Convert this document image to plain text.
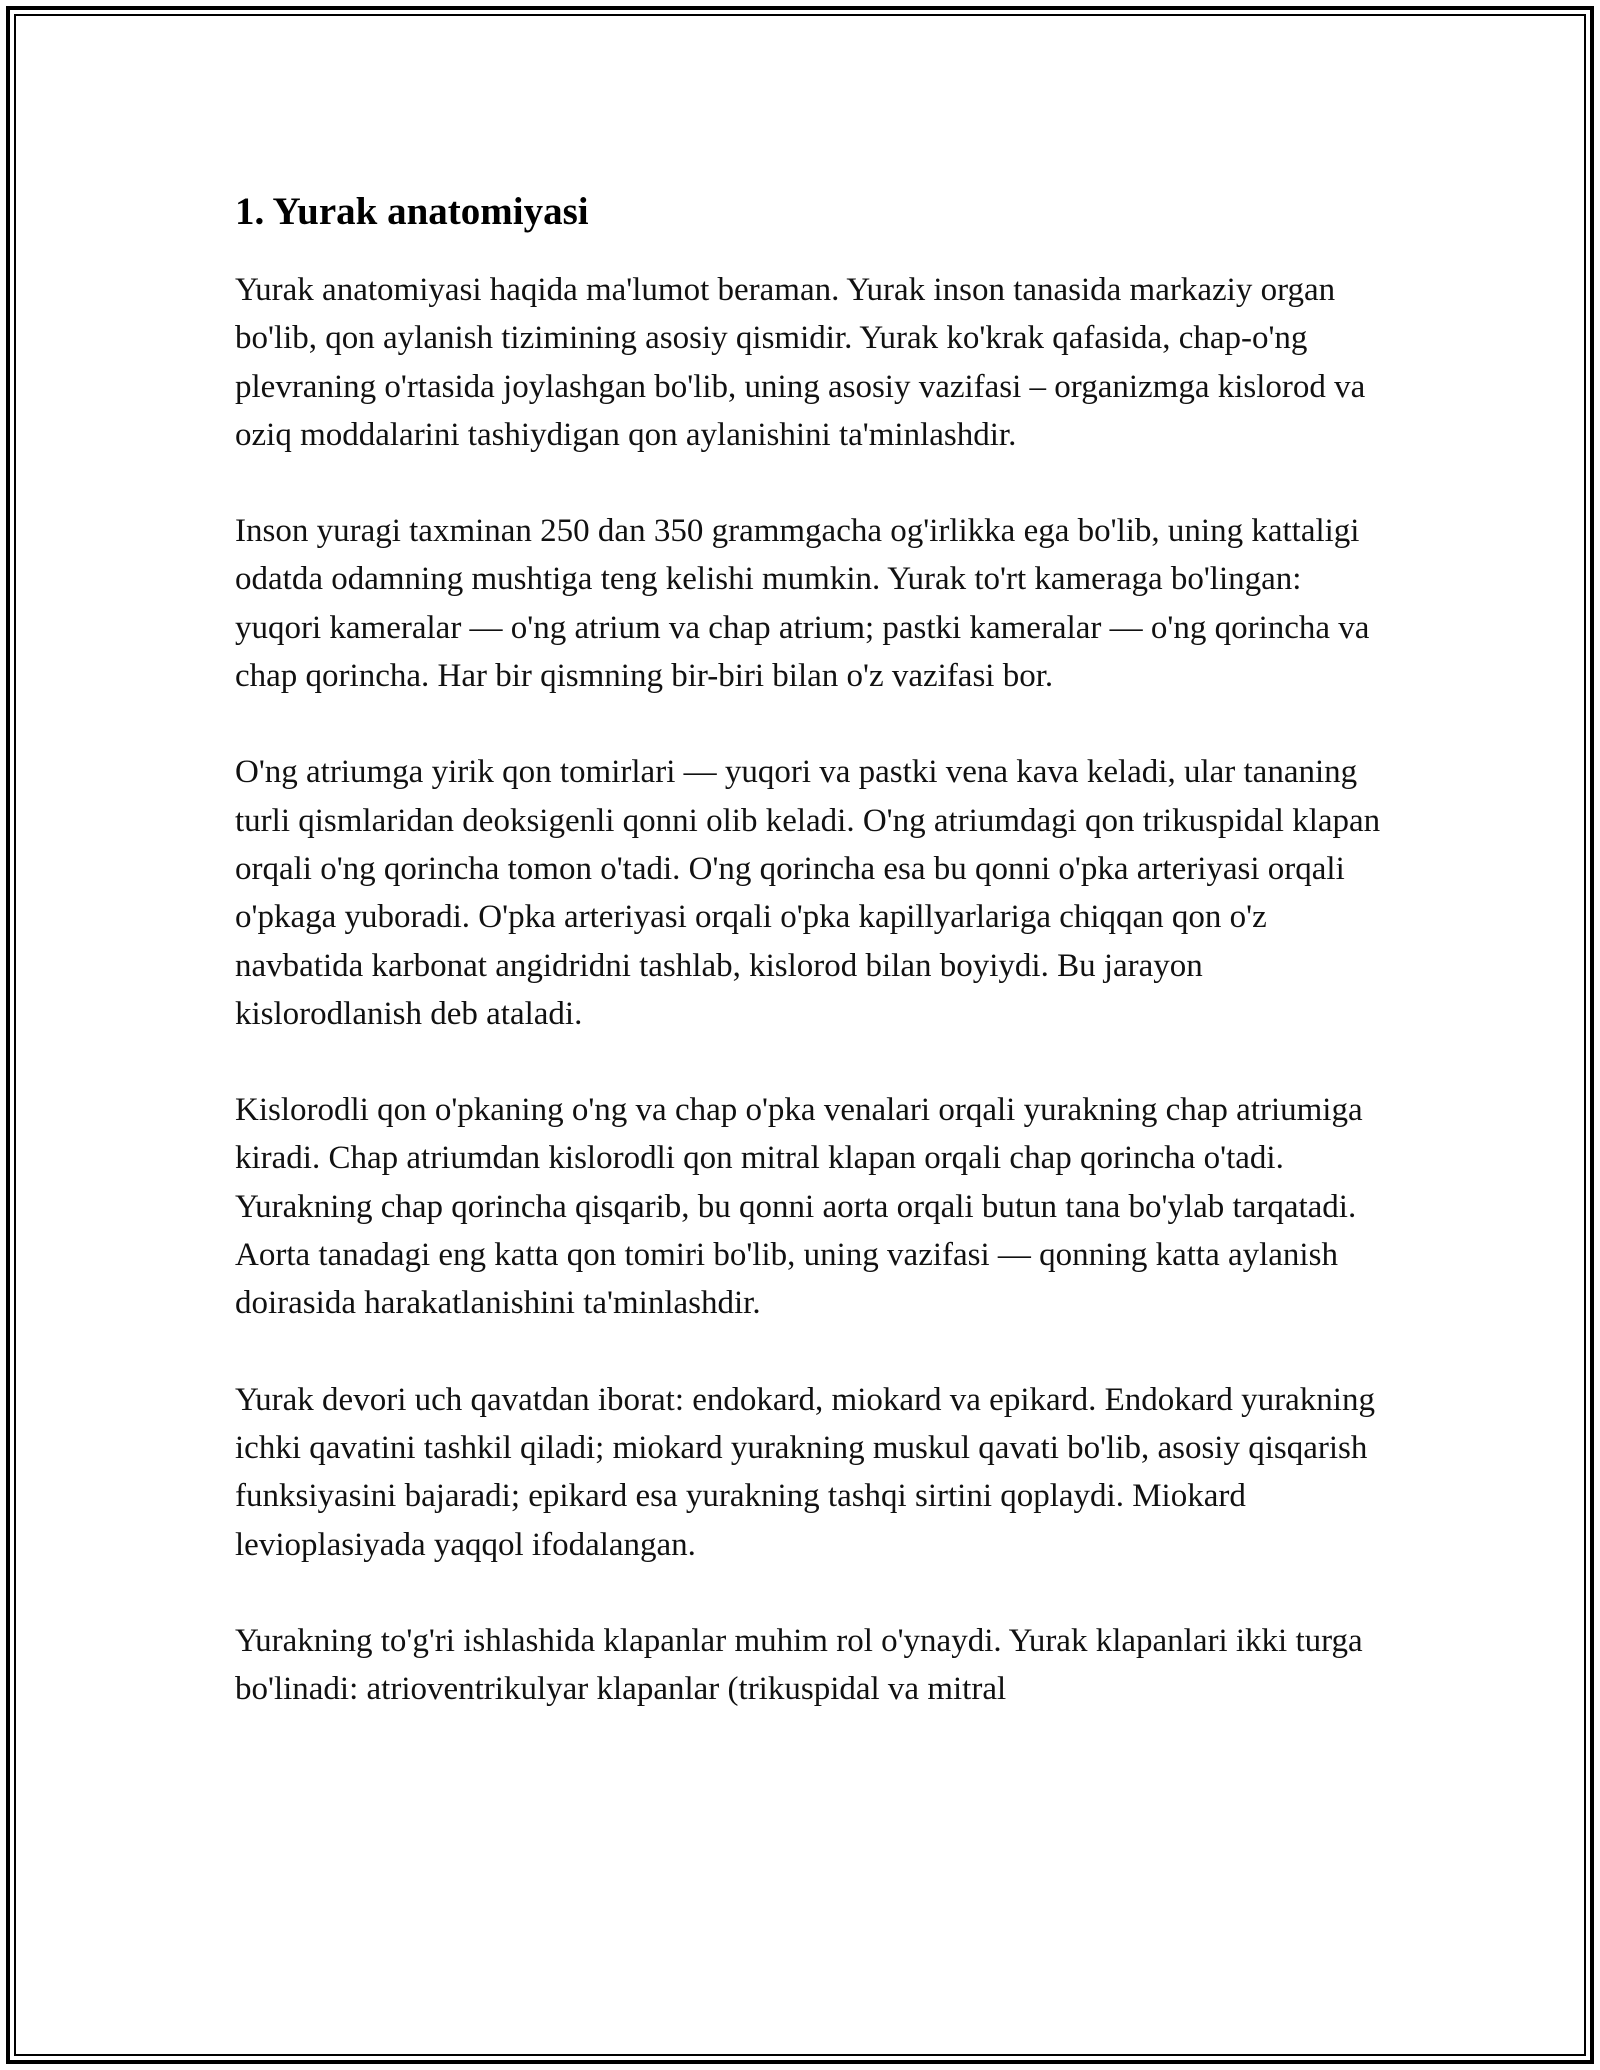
1. Yurak anatomiyasi

Yurak anatomiyasi haqida ma'lumot beraman. Yurak inson tanasida markaziy organ bo'lib, qon aylanish tizimining asosiy qismidir. Yurak ko'krak qafasida, chap-o'ng plevraning o'rtasida joylashgan bo'lib, uning asosiy vazifasi – organizmga kislorod va oziq moddalarini tashiydigan qon aylanishini ta'minlashdir.

Inson yuragi taxminan 250 dan 350 grammgacha og'irlikka ega bo'lib, uning kattaligi odatda odamning mushtiga teng kelishi mumkin. Yurak to'rt kameraga bo'lingan: yuqori kameralar — o'ng atrium va chap atrium; pastki kameralar — o'ng qorincha va chap qorincha. Har bir qismning bir-biri bilan o'z vazifasi bor.

O'ng atriumga yirik qon tomirlari — yuqori va pastki vena kava keladi, ular tananing turli qismlaridan deoksigenli qonni olib keladi. O'ng atriumdagi qon trikuspidal klapan orqali o'ng qorincha tomon o'tadi. O'ng qorincha esa bu qonni o'pka arteriyasi orqali o'pkaga yuboradi. O'pka arteriyasi orqali o'pka kapillyarlariga chiqqan qon o'z navbatida karbonat angidridni tashlab, kislorod bilan boyiydi. Bu jarayon kislorodlanish deb ataladi.

Kislorodli qon o'pkaning o'ng va chap o'pka venalari orqali yurakning chap atriumiga kiradi. Chap atriumdan kislorodli qon mitral klapan orqali chap qorincha o'tadi. Yurakning chap qorincha qisqarib, bu qonni aorta orqali butun tana bo'ylab tarqatadi. Aorta tanadagi eng katta qon tomiri bo'lib, uning vazifasi — qonning katta aylanish doirasida harakatlanishini ta'minlashdir.

Yurak devori uch qavatdan iborat: endokard, miokard va epikard. Endokard yurakning ichki qavatini tashkil qiladi; miokard yurakning muskul qavati bo'lib, asosiy qisqarish funksiyasini bajaradi; epikard esa yurakning tashqi sirtini qoplaydi. Miokard levioplasiyada yaqqol ifodalangan.

Yurakning to'g'ri ishlashida klapanlar muhim rol o'ynaydi. Yurak klapanlari ikki turga bo'linadi: atrioventrikulyar klapanlar (trikuspidal va mitral
